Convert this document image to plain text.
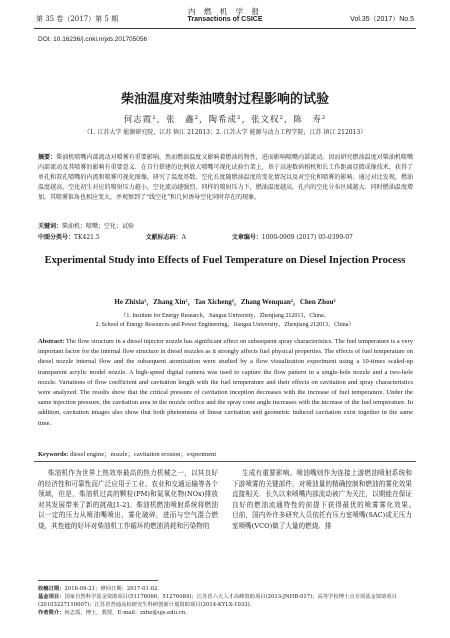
第 35 卷（2017）第 5 期
内 燃 机 学 报
Transactions of CSICE	Vol.35（2017）No.5
DOI: 10.16236/j.cnki.nrjxb.201705056
柴油温度对柴油喷射过程影响的试验
何志霞¹，张　鑫²，陶希成²，张文权²，陈　寿²
（1. 江苏大学 能源研究院，江苏 镇江 212013；2. 江苏大学 能源与动力工程学院，江苏 镇江 212013）
摘要：柴油机喷嘴内部流动对喷雾有重要影响，然而燃油温度又影响着燃油的物性，进而影响喷嘴内部流动。因而研究燃油温度对柴油机喷嘴内部流动及其喷雾的影响有重要意义．在自行搭建的比例放大喷嘴可视化试验台架上，基于高速数码相机和长工作距离显微成像技术，获得了单孔和双孔喷嘴的内流和喷雾可视化图像，研究了温度基数、空化长度随燃油温度的变化情况以及对空化和喷雾的影响。通过对比发现，燃油温度越高，空化初生对应的喷射压力越小，空化流动越强烈，同样的喷射压力下，燃油温度越高，孔内的空化分布区域越大．同时燃油温度增加，其喷雾锥角也相应变大，并观察到了“线空化”和几何诱导空化同时存在的现象。
关键词：柴油机；喷嘴；空化；试验
中图分类号：TK421.5	文献标志码：A	文章编号：1000-0909 (2017) 05-0399-07
Experimental Study into Effects of Fuel Temperature on Diesel Injection Process
He Zhixia¹，Zhang Xin²，Tao Xicheng²，Zhang Wenquan²，Chen Zhou²
（1. Institute for Energy Research，Jiangsu University，Zhenjiang 212013，China；
2. School of Energy Resources and Power Engineering，Jiangsu University，Zhenjiang 212013，China）
Abstract: The flow structure in a diesel injector nozzle has significant effect on subsequent spray characteristics. The fuel temperature is a very important factor for the internal flow structure in diesel nozzles as it strongly affects fuel physical properties. The effects of fuel temperature on diesel nozzle internal flow and the subsequent atomization were studied by a flow visualization experiment using a 10-times scaled-up transparent acrylic model nozzle. A high-speed digital camera was used to capture the flow pattern in a single-hole nozzle and a two-hole nozzle. Variations of flow coefficient and cavitation length with the fuel temperature and their effects on cavitation and spray characteristics were analyzed. The results show that the critical pressure of cavitation inception decreases with the increase of fuel temperature. Under the same injection pressure, the cavitation area in the nozzle orifice and the spray cone angle increases with the increase of the fuel temperature. In addition, cavitation images also show that both phenomena of linear cavitation and geometric induced cavitation exist together in the same time.
Keywords: diesel engine；nozzle；cavitation erosion；experiment
柴油机作为世界上热效率最高的热力机械之一，以其良好的经济性和可靠性而广泛应用于工业、农业和交通运输等各个领域，但是，柴油机过高的颗粒(PM)和氮氧化物(NOx)排放对其发展带来了新的挑战[1-2]。柴油机燃油喷射系统将燃油以一定的压力从喷油嘴喷出，雾化破碎，进而与空气混合燃烧，其性能的好坏对柴油机工作循环的燃油消耗和污染物的
生成有重要影响。喷油嘴则作为连接上游燃油喷射系统和下游喷雾的关键部件，对喷油量的精确控制和燃油的雾化效果直接相关．长久以来喷嘴内部流动被广为关注，以期能在保证良好的燃油流通特性的前提下获得最优的喷雾雾化效果。　　目前，国内外许多研究人员依托有压力室喷嘴(SAC)或无压力室喷嘴(VCO)做了大量的燃烧、排
收稿日期：2016-09-21；修回日期：2017-01-02.
基金项目：国家自然科学基金资助项目(51176066，51276084)；江苏省六大人才高峰资助项目(2013-JNHB-017)；高等学校博士点专项基金资助项目(20103227110007)；江苏省普通高校研究生科研创新计划资助项目(2014-KYLX-1033).
作者简介：何志霞，博士，教授，E-mail：zxhe@ujs.edu.cn.
